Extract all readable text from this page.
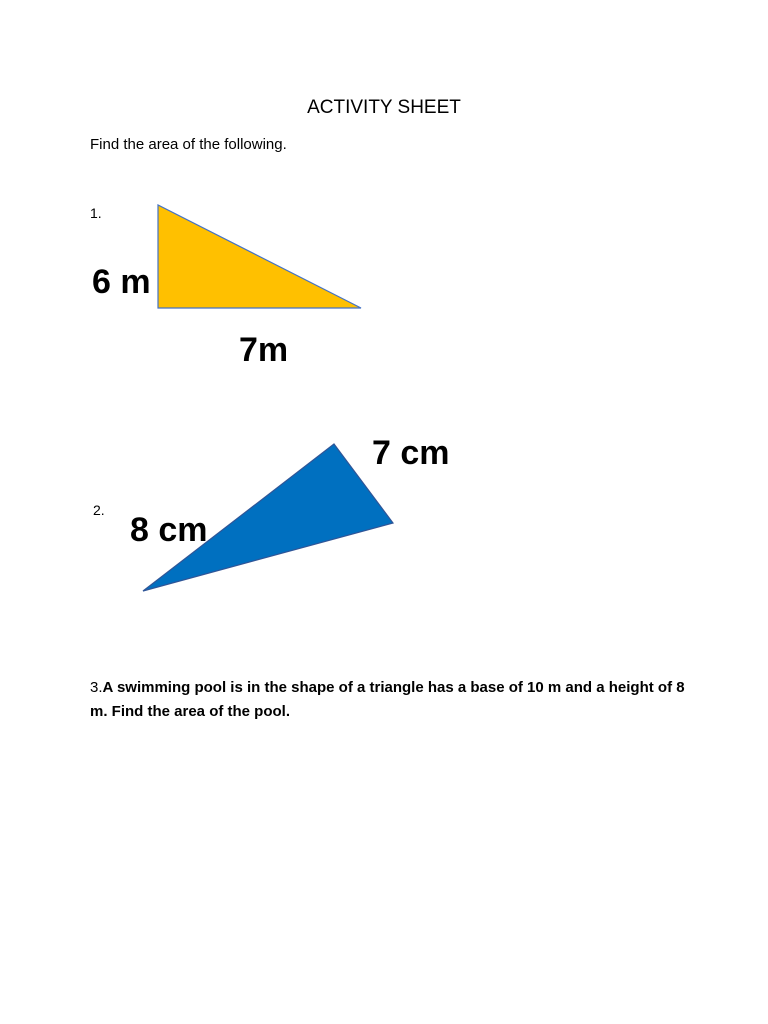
ACTIVITY SHEET
Find the area of the following.
1.
6 m
7m
2.
7 cm
8 cm
3.A swimming pool is in the shape of a triangle has a base of 10 m and a height of 8 m. Find the area of the pool.
